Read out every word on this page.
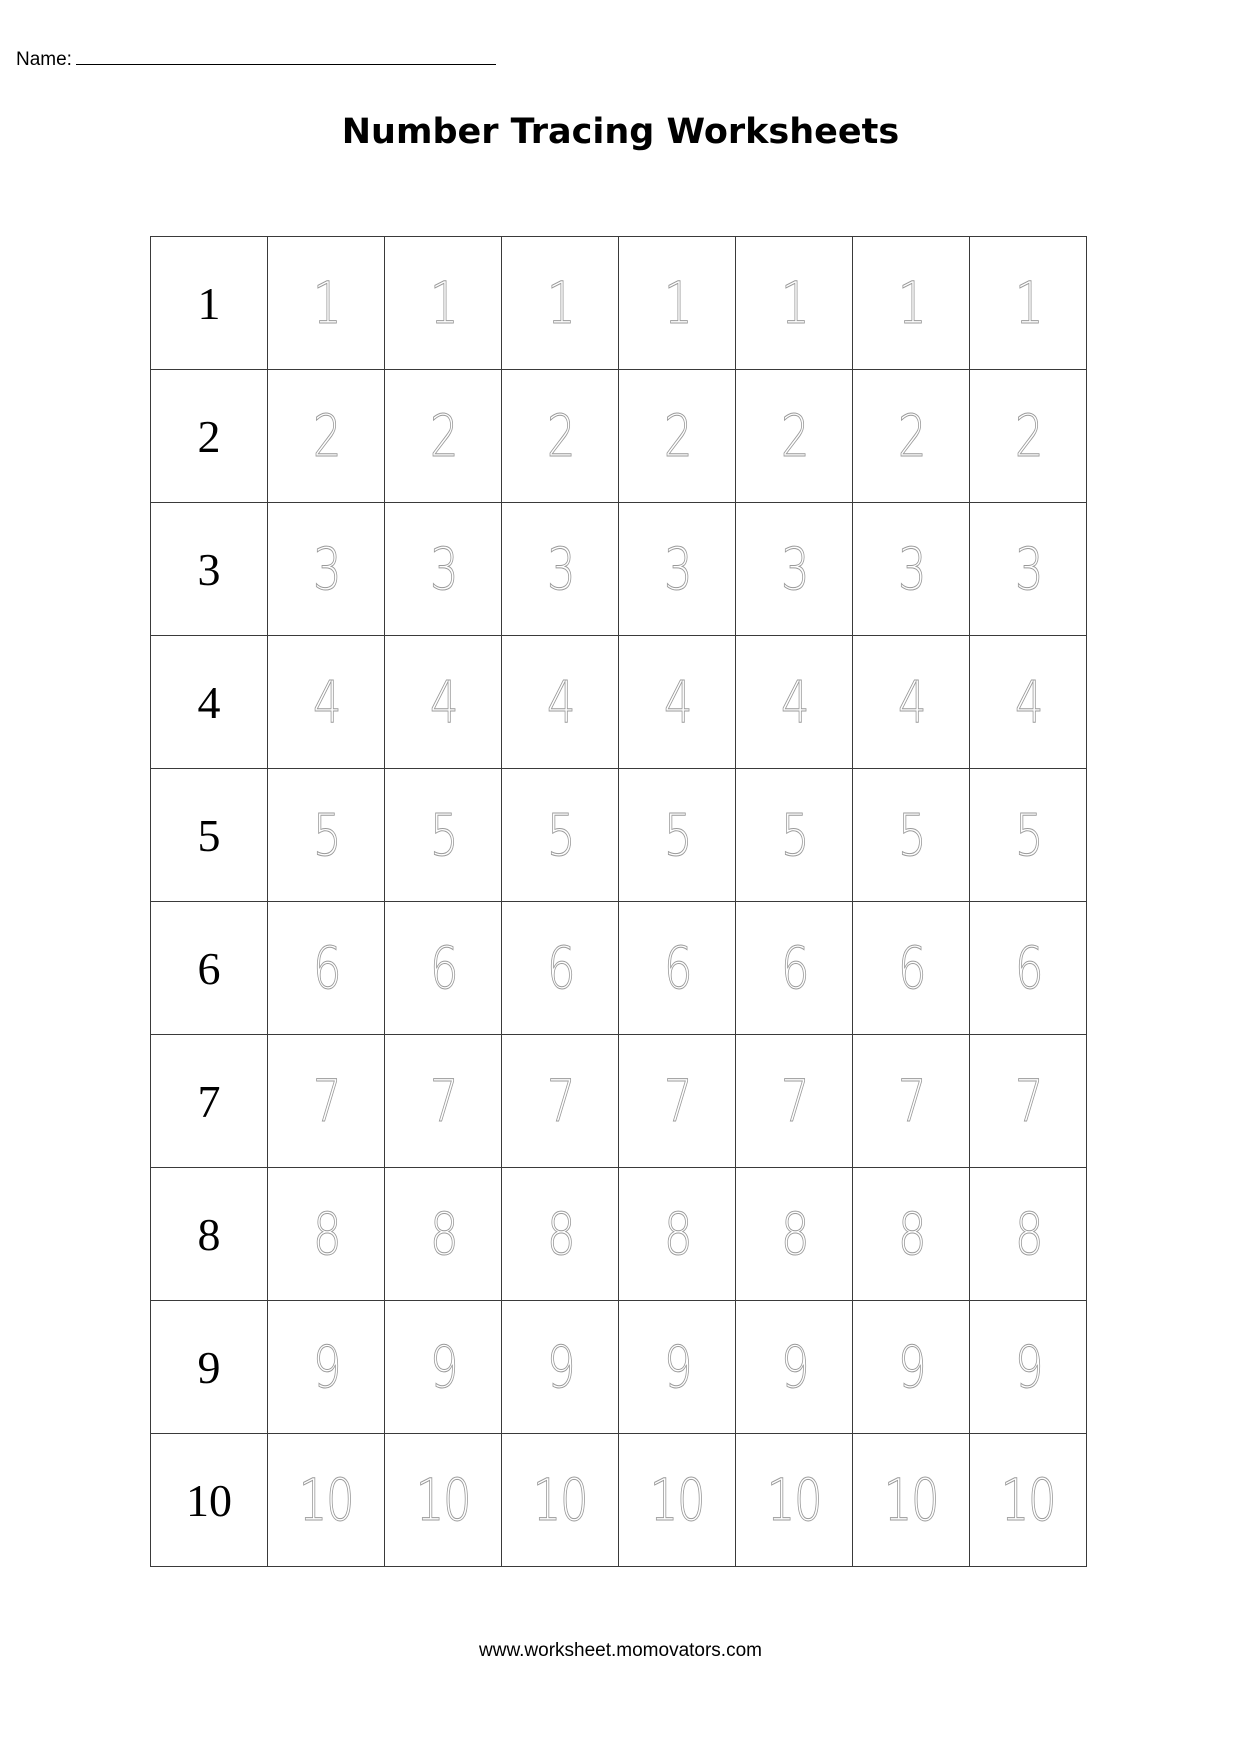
Name:
Number Tracing Worksheets
1	1	1	1	1	1	1	1
2	2	2	2	2	2	2	2
3	3	3	3	3	3	3	3
4	4	4	4	4	4	4	4
5	5	5	5	5	5	5	5
6	6	6	6	6	6	6	6
7	7	7	7	7	7	7	7
8	8	8	8	8	8	8	8
9	9	9	9	9	9	9	9
10	10	10	10	10	10	10	10
www.worksheet.momovators.com
